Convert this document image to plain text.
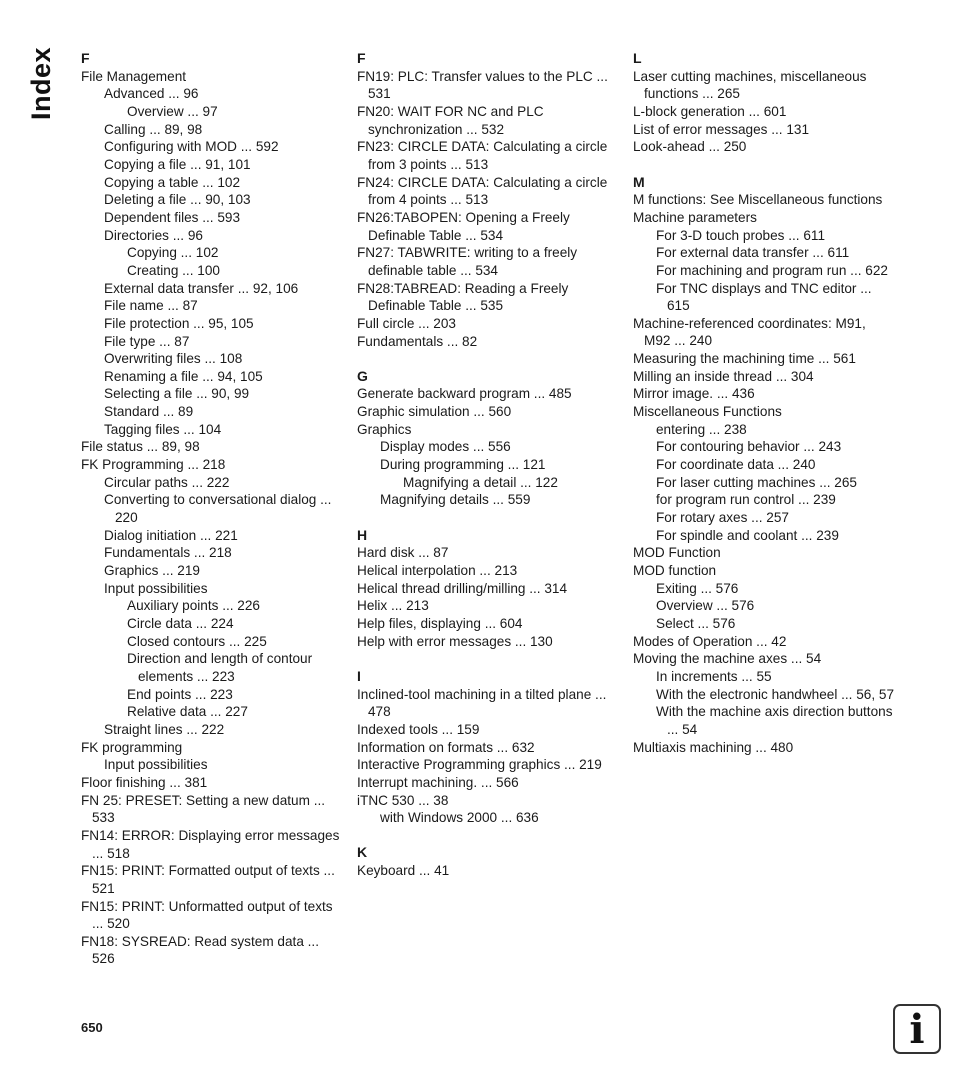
Index F
File Management
Advanced ... 96
Overview ... 97
Calling ... 89, 98
Configuring with MOD ... 592
Copying a file ... 91, 101
Copying a table ... 102
Deleting a file ... 90, 103
Dependent files ... 593
Directories ... 96
Copying ... 102
Creating ... 100
External data transfer ... 92, 106
File name ... 87
File protection ... 95, 105
File type ... 87
Overwriting files ... 108
Renaming a file ... 94, 105
Selecting a file ... 90, 99
Standard ... 89
Tagging files ... 104
File status ... 89, 98
FK Programming ... 218
Circular paths ... 222
Converting to conversational dialog ... 220
Dialog initiation ... 221
Fundamentals ... 218
Graphics ... 219
Input possibilities
Auxiliary points ... 226
Circle data ... 224
Closed contours ... 225
Direction and length of contour elements ... 223
End points ... 223
Relative data ... 227
Straight lines ... 222
FK programming
Input possibilities
Floor finishing ... 381
FN 25: PRESET: Setting a new datum ... 533
FN14: ERROR: Displaying error messages ... 518
FN15: PRINT: Formatted output of texts ... 521
FN15: PRINT: Unformatted output of texts ... 520
FN18: SYSREAD: Read system data ... 526
F
FN19: PLC: Transfer values to the PLC ... 531
FN20: WAIT FOR NC and PLC synchronization ... 532
FN23: CIRCLE DATA: Calculating a circle from 3 points ... 513
FN24: CIRCLE DATA: Calculating a circle from 4 points ... 513
FN26:TABOPEN: Opening a Freely Definable Table ... 534
FN27: TABWRITE: writing to a freely definable table ... 534
FN28:TABREAD: Reading a Freely Definable Table ... 535
Full circle ... 203
Fundamentals ... 82
G
Generate backward program ... 485
Graphic simulation ... 560
Graphics
Display modes ... 556
During programming ... 121
Magnifying a detail ... 122
Magnifying details ... 559
H
Hard disk ... 87
Helical interpolation ... 213
Helical thread drilling/milling ... 314
Helix ... 213
Help files, displaying ... 604
Help with error messages ... 130
I
Inclined-tool machining in a tilted plane ... 478
Indexed tools ... 159
Information on formats ... 632
Interactive Programming graphics ... 219
Interrupt machining. ... 566
iTNC 530 ... 38
with Windows 2000 ... 636
K
Keyboard ... 41
L
Laser cutting machines, miscellaneous functions ... 265
L-block generation ... 601
List of error messages ... 131
Look-ahead ... 250
M
M functions: See Miscellaneous functions
Machine parameters
For 3-D touch probes ... 611
For external data transfer ... 611
For machining and program run ... 622
For TNC displays and TNC editor ... 615
Machine-referenced coordinates: M91, M92 ... 240
Measuring the machining time ... 561
Milling an inside thread ... 304
Mirror image. ... 436
Miscellaneous Functions
entering ... 238
For contouring behavior ... 243
For coordinate data ... 240
For laser cutting machines ... 265
for program run control ... 239
For rotary axes ... 257
For spindle and coolant ... 239
MOD Function
MOD function
Exiting ... 576
Overview ... 576
Select ... 576
Modes of Operation ... 42
Moving the machine axes ... 54
In increments ... 55
With the electronic handwheel ... 56, 57
With the machine axis direction buttons ... 54
Multiaxis machining ... 480
650	i
